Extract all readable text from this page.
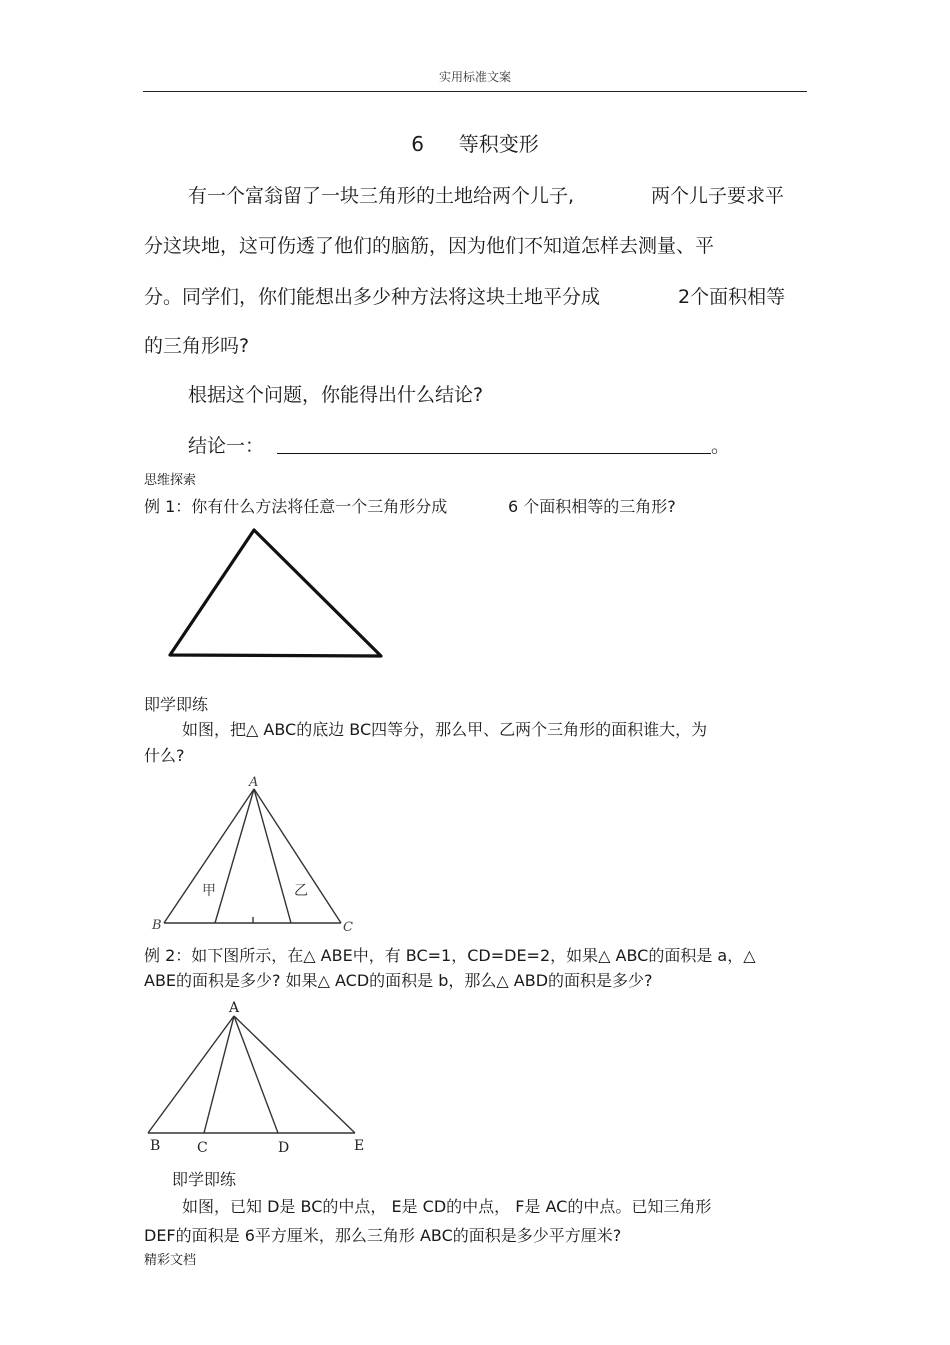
实用标准文案
6 等积变形
有一个富翁留了一块三角形的土地给两个儿子,	两个儿子要求平
分这块地，这可伤透了他们的脑筋，因为他们不知道怎样去测量、平
分。同学们，你们能想出多少种方法将这块土地平分成	2个面积相等
的三角形吗?
根据这个问题，你能得出什么结论?
结论一：	。
思维探索
例 1：你有什么方法将任意一个三角形分成	6 个面积相等的三角形?
即学即练
如图，把△ ABC的底边 BC四等分，那么甲、乙两个三角形的面积谁大，为
什么?
A
B	C
甲	乙
例 2：如下图所示，在△ ABE中，有 BC=1，CD=DE=2，如果△ ABC的面积是 a，△
ABE的面积是多少? 如果△ ACD的面积是 b，那么△ ABD的面积是多少?
A
B	C	D	E
即学即练
如图，已知 D是 BC的中点， E是 CD的中点， F是 AC的中点。已知三角形
DEF的面积是 6平方厘米，那么三角形 ABC的面积是多少平方厘米?
精彩文档
